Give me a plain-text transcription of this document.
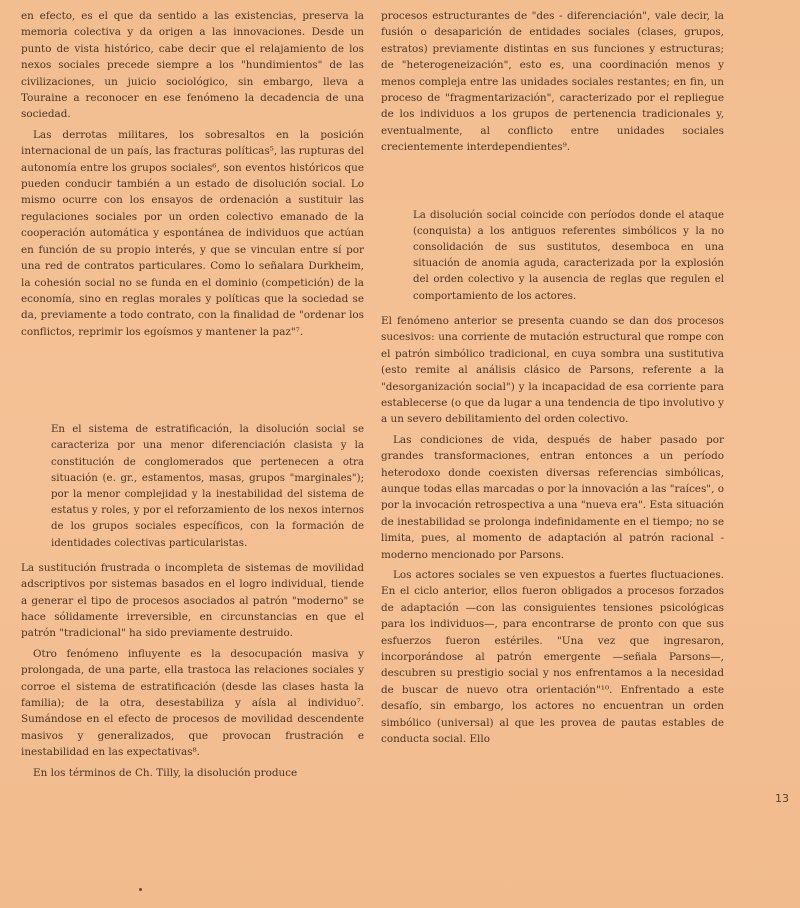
en efecto, es el que da sentido a las existencias, preserva la memoria colectiva y da origen a las innovaciones. Desde un punto de vista histórico, cabe decir que el relajamiento de los nexos sociales precede siempre a los "hundimientos" de las civilizaciones, un juicio sociológico, sin embargo, lleva a Touraine a reconocer en ese fenómeno la decadencia de una sociedad.

Las derrotas militares, los sobresaltos en la posición internacional de un país, las fracturas políticas⁵, las rupturas del autonomía entre los grupos sociales⁶, son eventos históricos que pueden conducir también a un estado de disolución social. Lo mismo ocurre con los ensayos de ordenación a sustituir las regulaciones sociales por un orden colectivo emanado de la cooperación automática y espontánea de individuos que actúan en función de su propio interés, y que se vinculan entre sí por una red de contratos particulares. Como lo señalara Durkheim, la cohesión social no se funda en el dominio (competición) de la economía, sino en reglas morales y políticas que la sociedad se da, previamente a todo contrato, con la finalidad de "ordenar los conflictos, reprimir los egoísmos y mantener la paz"⁷.

En el sistema de estratificación, la disolución social se caracteriza por una menor diferenciación clasista y la constitución de conglomerados que pertenecen a otra situación (e. gr., estamentos, masas, grupos "marginales"); por la menor complejidad y la inestabilidad del sistema de estatus y roles, y por el reforzamiento de los nexos internos de los grupos sociales específicos, con la formación de identidades colectivas particularistas.

La sustitución frustrada o incompleta de sistemas de movilidad adscriptivos por sistemas basados en el logro individual, tiende a generar el tipo de procesos asociados al patrón "moderno" se hace sólidamente irreversible, en circunstancias en que el patrón "tradicional" ha sido previamente destruido.

Otro fenómeno influyente es la desocupación masiva y prolongada, de una parte, ella trastoca las relaciones sociales y corroe el sistema de estratificación (desde las clases hasta la familia); de la otra, desestabiliza y aísla al individuo⁷. Sumándose en el efecto de procesos de movilidad descendente masivos y generalizados, que provocan frustración e inestabilidad en las expectativas⁸.

En los términos de Ch. Tilly, la disolución produce

procesos estructurantes de "des - diferenciación", vale decir, la fusión o desaparición de entidades sociales (clases, grupos, estratos) previamente distintas en sus funciones y estructuras; de "heterogeneización", esto es, una coordinación menos y menos compleja entre las unidades sociales restantes; en fin, un proceso de "fragmentarización", caracterizado por el repliegue de los individuos a los grupos de pertenencia tradicionales y, eventualmente, al conflicto entre unidades sociales crecientemente interdependientes⁹.

La disolución social coincide con períodos donde el ataque (conquista) a los antiguos referentes simbólicos y la no consolidación de sus sustitutos, desemboca en una situación de anomia aguda, caracterizada por la explosión del orden colectivo y la ausencia de reglas que regulen el comportamiento de los actores.

El fenómeno anterior se presenta cuando se dan dos procesos sucesivos: una corriente de mutación estructural que rompe con el patrón simbólico tradicional, en cuya sombra una sustitutiva (esto remite al análisis clásico de Parsons, referente a la "desorganización social") y la incapacidad de esa corriente para establecerse (o que da lugar a una tendencia de tipo involutivo y a un severo debilitamiento del orden colectivo.

Las condiciones de vida, después de haber pasado por grandes transformaciones, entran entonces a un período heterodoxo donde coexisten diversas referencias simbólicas, aunque todas ellas marcadas o por la innovación a las "raíces", o por la invocación retrospectiva a una "nueva era". Esta situación de inestabilidad se prolonga indefinidamente en el tiempo; no se limita, pues, al momento de adaptación al patrón racional - moderno mencionado por Parsons.

Los actores sociales se ven expuestos a fuertes fluctuaciones. En el ciclo anterior, ellos fueron obligados a procesos forzados de adaptación —con las consiguientes tensiones psicológicas para los individuos—, para encontrarse de pronto con que sus esfuerzos fueron estériles. "Una vez que ingresaron, incorporándose al patrón emergente —señala Parsons—, descubren su prestigio social y nos enfrentamos a la necesidad de buscar de nuevo otra orientación"¹⁰. Enfrentado a este desafío, sin embargo, los actores no encuentran un orden simbólico (universal) al que les provea de pautas estables de conducta social. Ello

13
